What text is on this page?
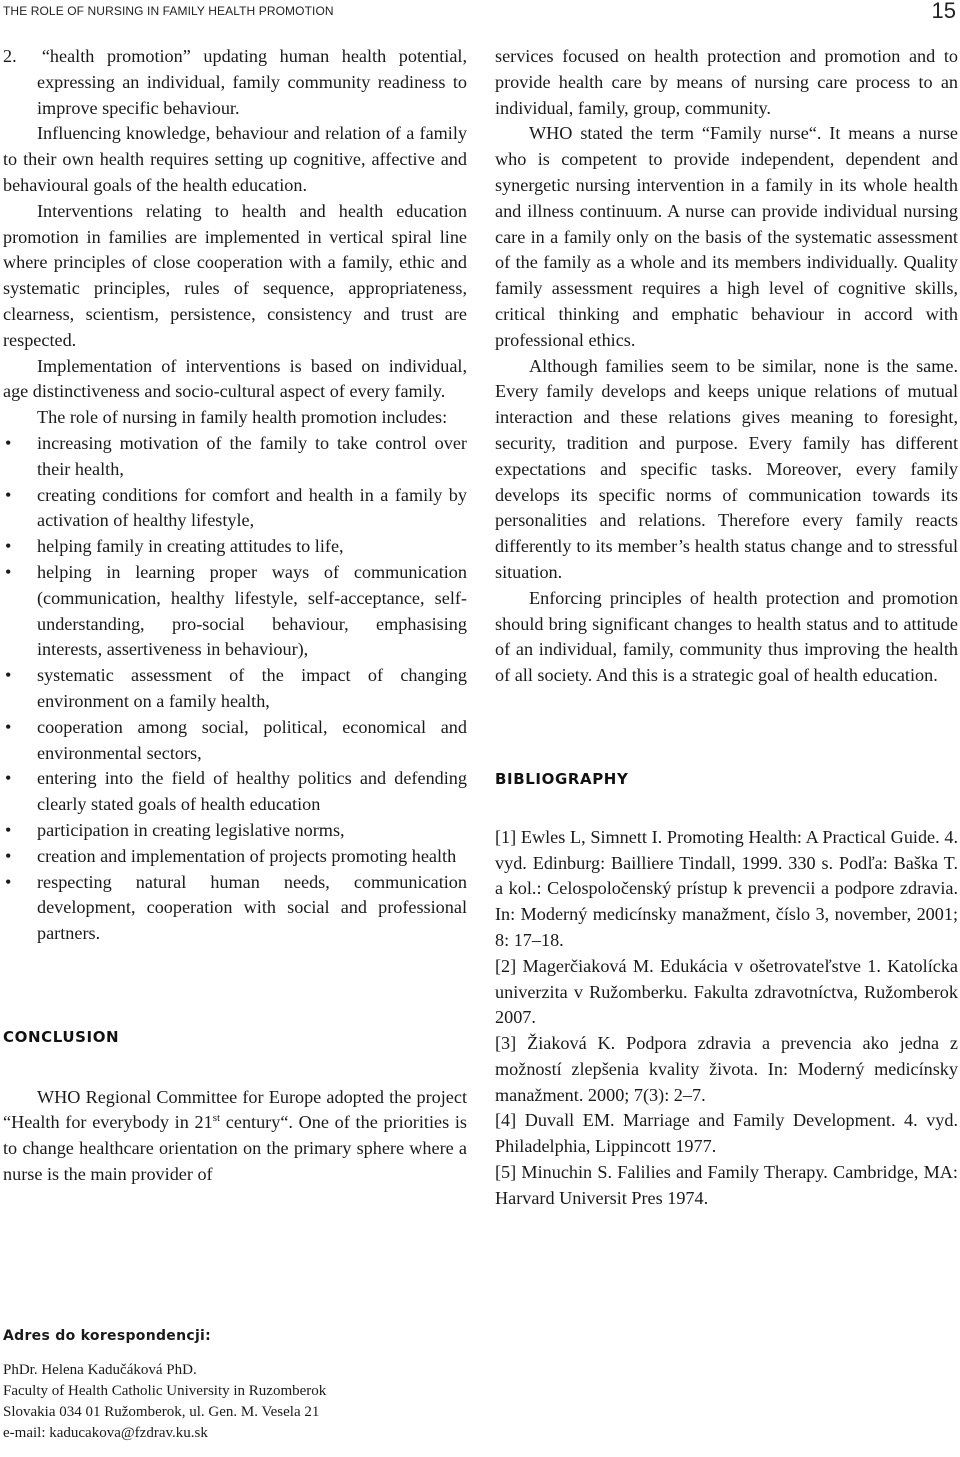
THE ROLE OF NURSING IN FAMILY HEALTH PROMOTION	15

2.  “health promotion” updating human health potential, expressing an individual, family community readiness to improve specific behaviour.

Influencing knowledge, behaviour and relation of a family to their own health requires setting up cognitive, affective and behavioural goals of the health education.

Interventions relating to health and health education promotion in families are implemented in vertical spiral line where principles of close cooperation with a family, ethic and systematic principles, rules of sequence, appropriateness, clearness, scientism, persistence, consistency and trust are respected.

Implementation of interventions is based on individual, age distinctiveness and socio-cultural aspect of every family.

The role of nursing in family health promotion includes:

• increasing motivation of the family to take control over their health,
• creating conditions for comfort and health in a family by activation of healthy lifestyle,
• helping family in creating attitudes to life,
• helping in learning proper ways of communication (communication, healthy lifestyle, self-acceptance, self-understanding, pro-social behaviour, emphasising interests, assertiveness in behaviour),
• systematic assessment of the impact of changing environment on a family health,
• cooperation among social, political, economical and environmental sectors,
• entering into the field of healthy politics and defending clearly stated goals of health education
• participation in creating legislative norms,
• creation and implementation of projects promoting health
• respecting natural human needs, communication development, cooperation with social and professional partners.
CONCLUSION

WHO Regional Committee for Europe adopted the project “Health for everybody in 21st century“. One of the priorities is to change healthcare orientation on the primary sphere where a nurse is the main provider of

services focused on health protection and promotion and to provide health care by means of nursing care process to an individual, family, group, community.

WHO stated the term “Family nurse“. It means a nurse who is competent to provide independent, dependent and synergetic nursing intervention in a family in its whole health and illness continuum. A nurse can provide individual nursing care in a family only on the basis of the systematic assessment of the family as a whole and its members individually. Quality family assessment requires a high level of cognitive skills, critical thinking and emphatic behaviour in accord with professional ethics.

Although families seem to be similar, none is the same. Every family develops and keeps unique relations of mutual interaction and these relations gives meaning to foresight, security, tradition and purpose. Every family has different expectations and specific tasks. Moreover, every family develops its specific norms of communication towards its personalities and relations. Therefore every family reacts differently to its member’s health status change and to stressful situation.

Enforcing principles of health protection and promotion should bring significant changes to health status and to attitude of an individual, family, community thus improving the health of all society. And this is a strategic goal of health education.

BIBLIOGRAPHY

[1] Ewles L, Simnett I. Promoting Health: A Practical Guide. 4. vyd. Edinburg: Bailliere Tindall, 1999. 330 s. Podľa: Baška T. a kol.: Celospoločenský prístup k prevencii a podpore zdravia. In: Moderný medicínsky manažment, číslo 3, november, 2001; 8: 17–18.

[2] Magerčiaková M. Edukácia v ošetrovateľstve 1. Katolícka univerzita v Ružomberku. Fakulta zdravotníctva, Ružomberok 2007.

[3] Žiaková K. Podpora zdravia a prevencia ako jedna z možností zlepšenia kvality života. In: Moderný medicínsky manažment. 2000; 7(3): 2–7.

[4] Duvall EM. Marriage and Family Development. 4. vyd. Philadelphia, Lippincott 1977.

[5] Minuchin S. Falilies and Family Therapy. Cambridge, MA: Harvard Universit Pres 1974.

Adres do korespondencji:
PhDr. Helena Kadučáková PhD.
Faculty of Health Catholic University in Ruzomberok
Slovakia 034 01 Ružomberok, ul. Gen. M. Vesela 21
e-mail: kaducakova@fzdrav.ku.sk
